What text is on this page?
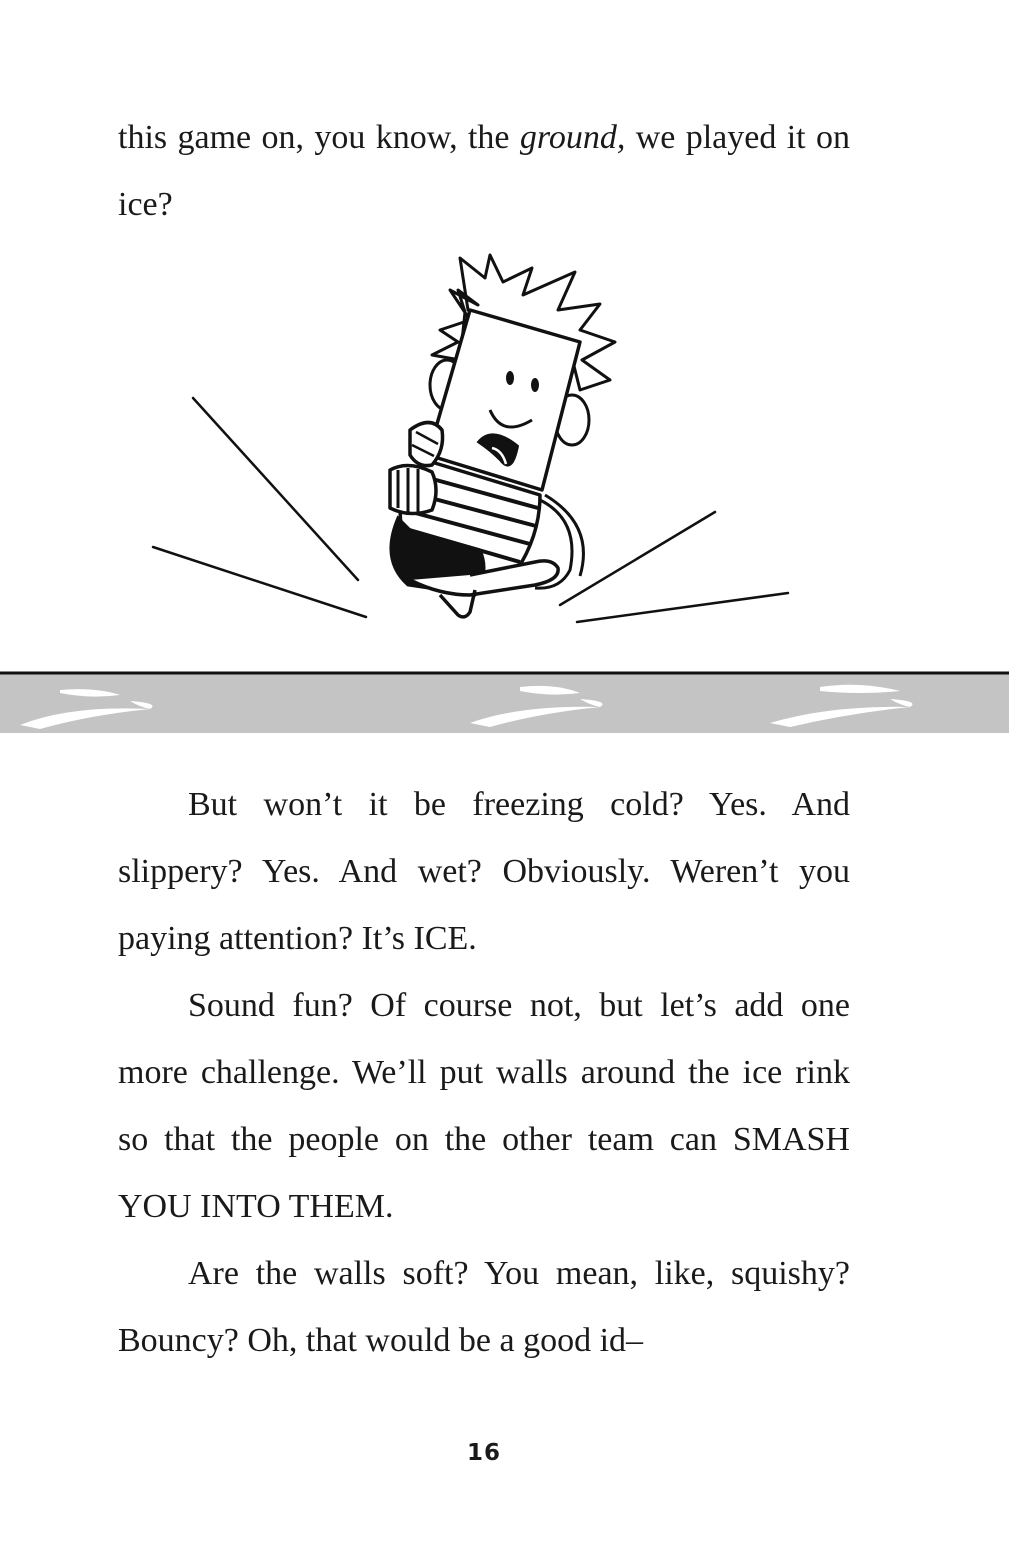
this game on, you know, the ground, we played it on ice?

But won’t it be freezing cold? Yes. And slippery? Yes. And wet? Obviously. Weren’t you paying attention? It’s ICE.

Sound fun? Of course not, but let’s add one more challenge. We’ll put walls around the ice rink so that the people on the other team can SMASH YOU INTO THEM.

Are the walls soft? You mean, like, squishy? Bouncy? Oh, that would be a good id–

16
